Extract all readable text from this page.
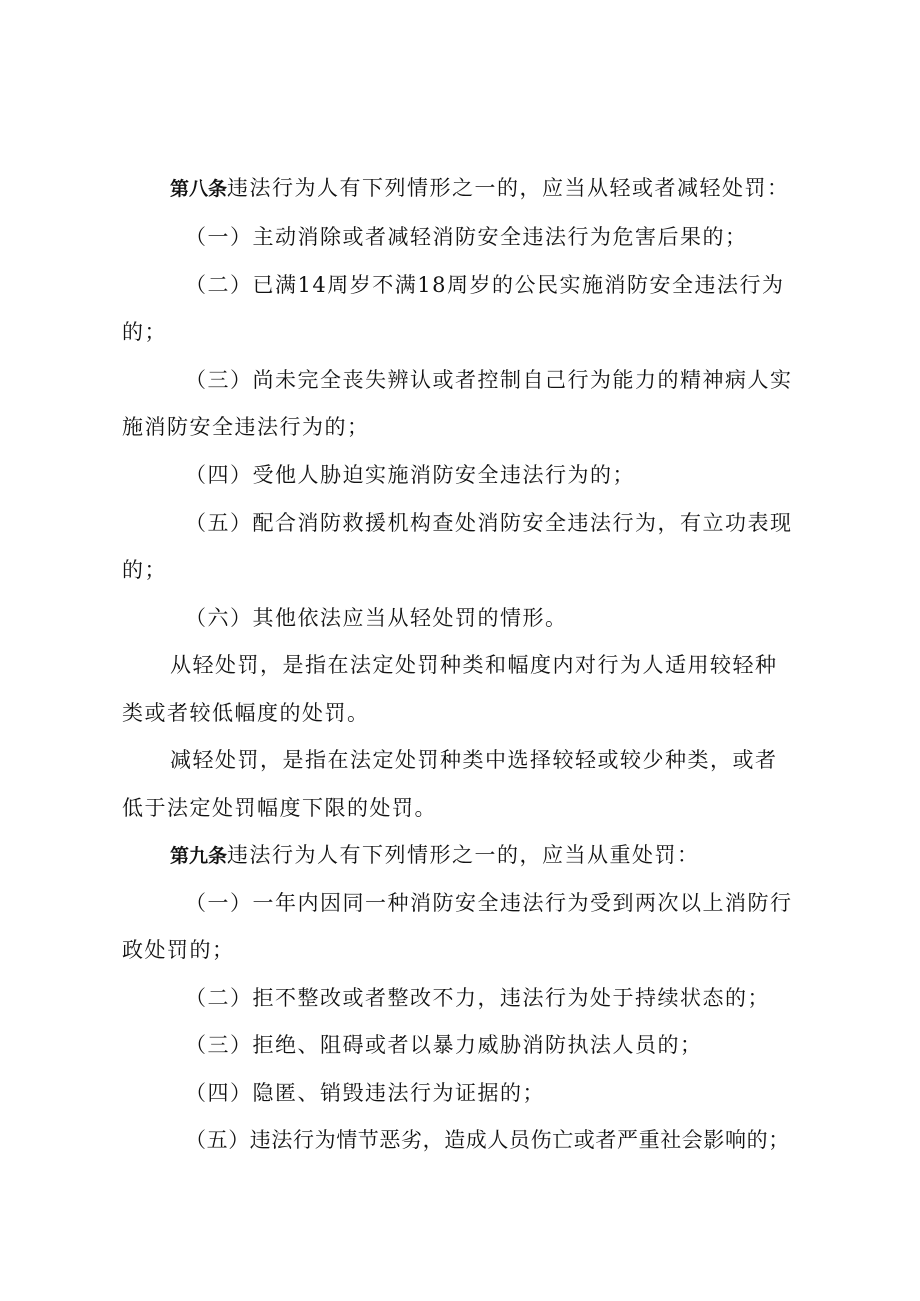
第八条违法行为人有下列情形之一的，应当从轻或者减轻处罚：
（一）主动消除或者减轻消防安全违法行为危害后果的；
（二）已满14周岁不满18周岁的公民实施消防安全违法行为
的；
（三）尚未完全丧失辨认或者控制自己行为能力的精神病人实
施消防安全违法行为的；
（四）受他人胁迫实施消防安全违法行为的；
（五）配合消防救援机构查处消防安全违法行为，有立功表现
的；
（六）其他依法应当从轻处罚的情形。
从轻处罚，是指在法定处罚种类和幅度内对行为人适用较轻种
类或者较低幅度的处罚。
减轻处罚，是指在法定处罚种类中选择较轻或较少种类，或者
低于法定处罚幅度下限的处罚。
第九条违法行为人有下列情形之一的，应当从重处罚：
（一）一年内因同一种消防安全违法行为受到两次以上消防行
政处罚的；
（二）拒不整改或者整改不力，违法行为处于持续状态的；
（三）拒绝、阻碍或者以暴力威胁消防执法人员的；
（四）隐匿、销毁违法行为证据的；
（五）违法行为情节恶劣，造成人员伤亡或者严重社会影响的；
